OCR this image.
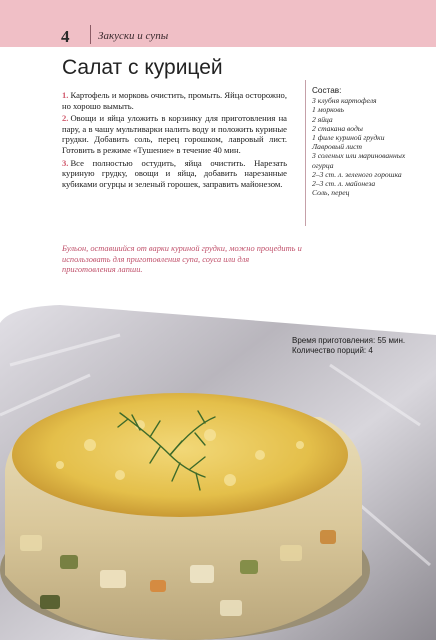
4	Закуски и супы
Салат с курицей

1. Картофель и морковь очистить, промыть. Яйца осторожно, но хорошо вымыть.

2. Овощи и яйца уложить в корзинку для приготовления на пару, а в чашу мультиварки налить воду и положить куриные грудки. Добавить соль, перец горошком, лавровый лист. Готовить в режиме «Тушение» в течение 40 мин.

3. Все полностью остудить, яйца очистить. Нарезать куриную грудку, овощи и яйца, добавить нарезанные кубиками огурцы и зеленый горошек, заправить майонезом.

Состав:
3 клубня картофеля
1 морковь
2 яйца
2 стакана воды
1 филе куриной грудки
Лавровый лист
3 соленых или маринованных огурца
2–3 ст. л. зеленого горошка
2–3 ст. л. майонеза
Соль, перец
Бульон, оставшийся от варки куриной грудки, можно процедить и использовать для приготовления супа, соуса или для приготовления лапши.
Время приготовления: 55 мин.
Количество порций: 4
